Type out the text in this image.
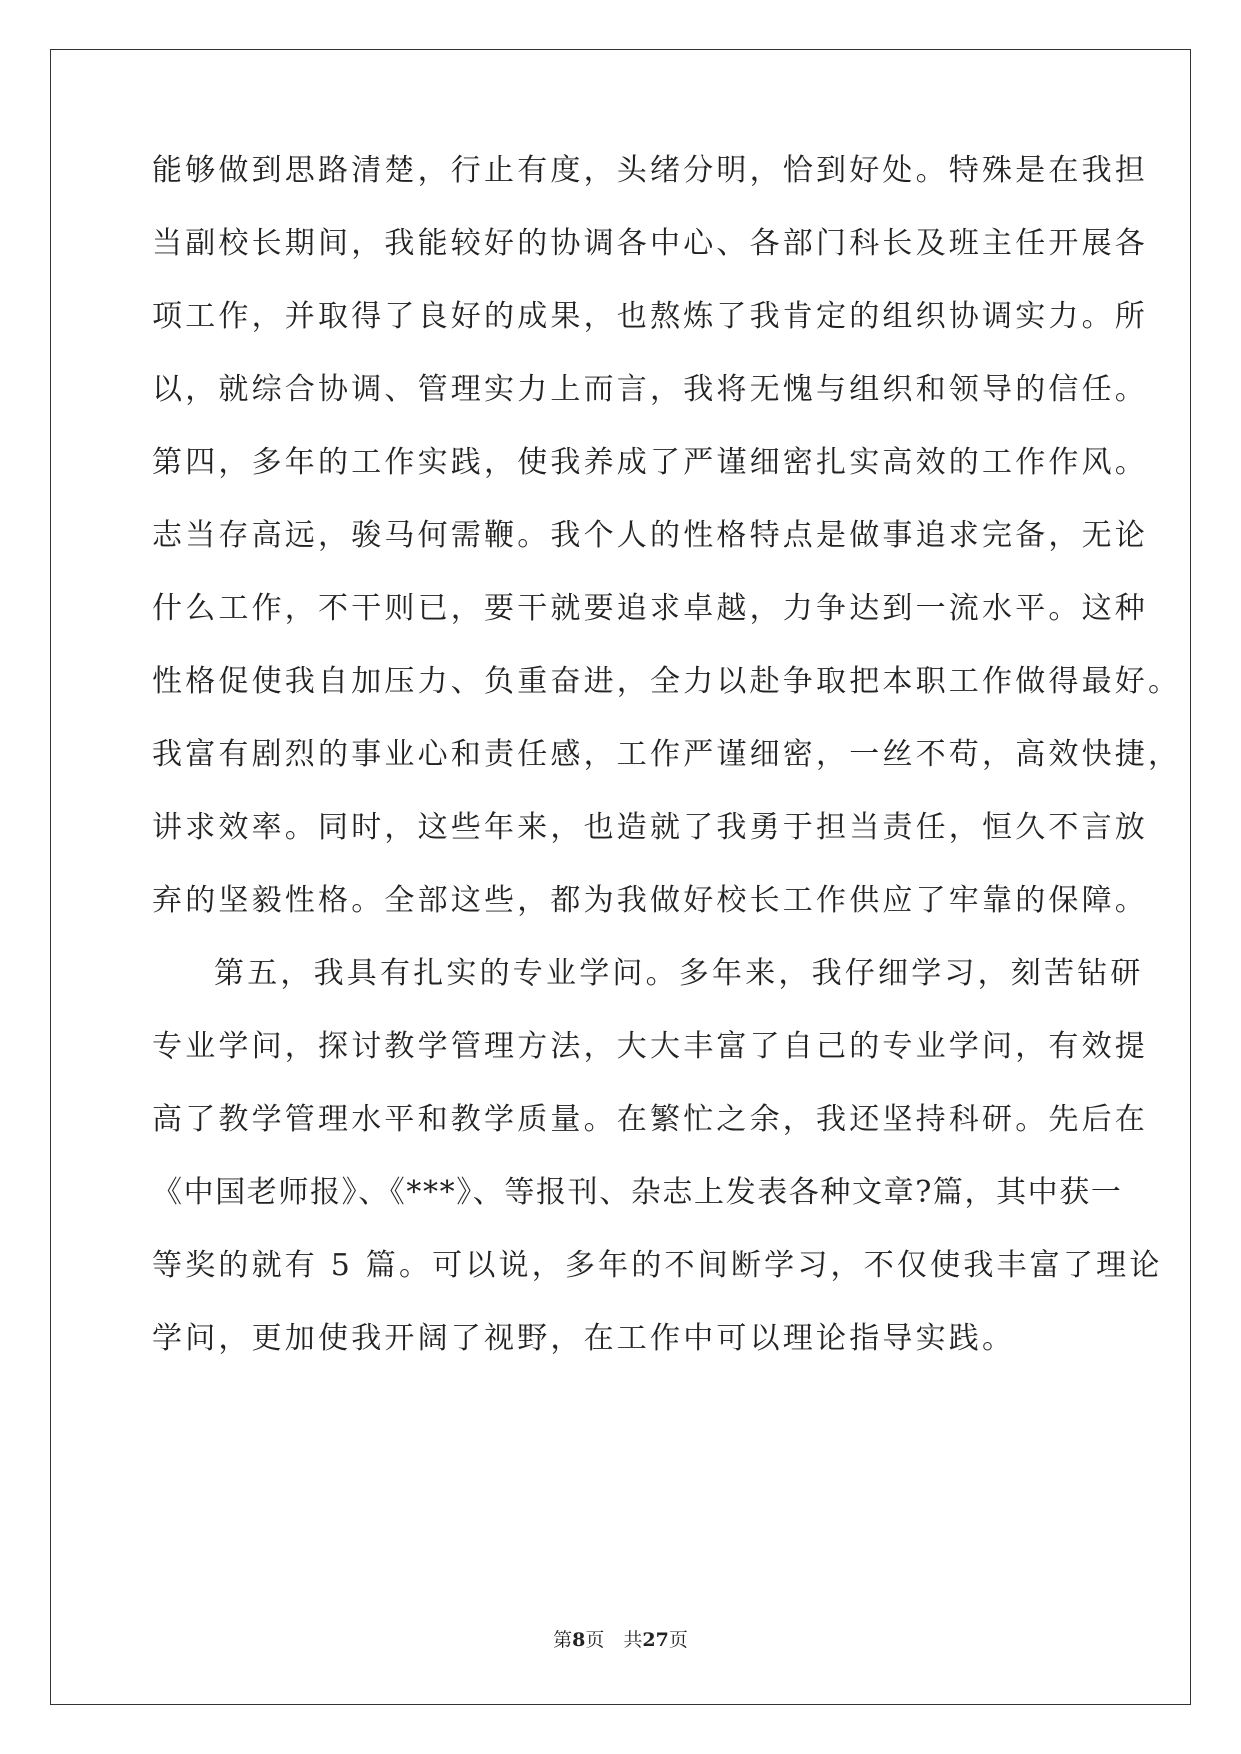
能够做到思路清楚，行止有度，头绪分明，恰到好处。特殊是在我担
当副校长期间，我能较好的协调各中心、各部门科长及班主任开展各
项工作，并取得了良好的成果，也熬炼了我肯定的组织协调实力。所
以，就综合协调、管理实力上而言，我将无愧与组织和领导的信任。
第四，多年的工作实践，使我养成了严谨细密扎实高效的工作作风。
志当存高远，骏马何需鞭。我个人的性格特点是做事追求完备，无论
什么工作，不干则已，要干就要追求卓越，力争达到一流水平。这种
性格促使我自加压力、负重奋进，全力以赴争取把本职工作做得最好。
我富有剧烈的事业心和责任感，工作严谨细密，一丝不苟，高效快捷，
讲求效率。同时，这些年来，也造就了我勇于担当责任，恒久不言放
弃的坚毅性格。全部这些，都为我做好校长工作供应了牢靠的保障。
第五，我具有扎实的专业学问。多年来，我仔细学习，刻苦钻研
专业学问，探讨教学管理方法，大大丰富了自己的专业学问，有效提
高了教学管理水平和教学质量。在繁忙之余，我还坚持科研。先后在
《中国老师报》、《***》、等报刊、杂志上发表各种文章?篇，其中获一
等奖的就有 5 篇。可以说，多年的不间断学习，不仅使我丰富了理论
学问，更加使我开阔了视野，在工作中可以理论指导实践。
第8页　共27页
